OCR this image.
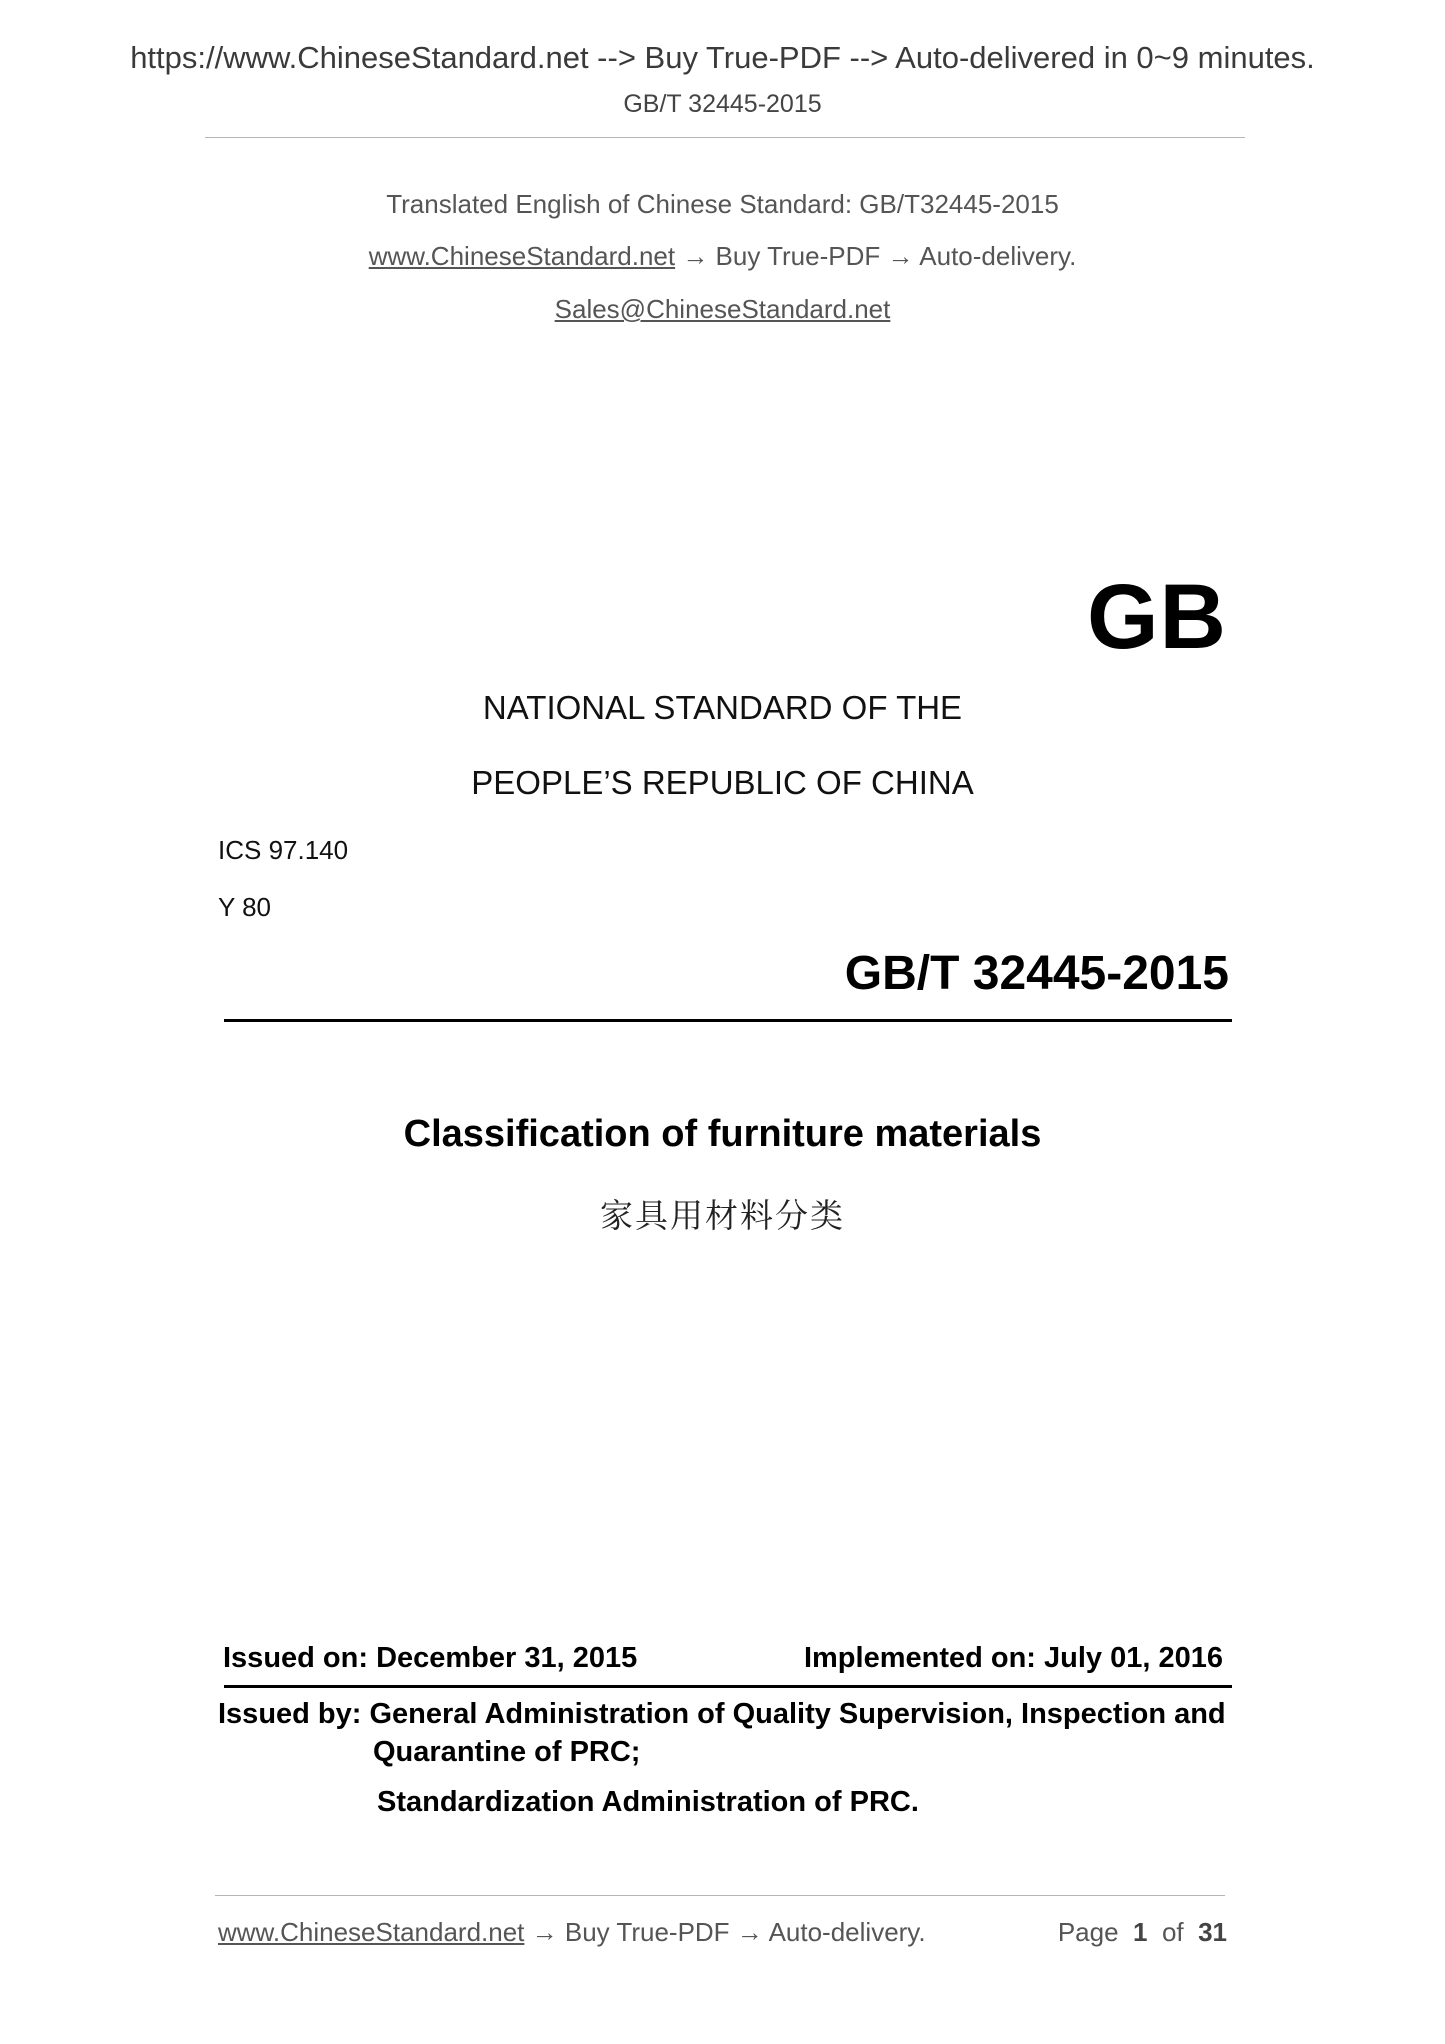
https://www.ChineseStandard.net --> Buy True-PDF --> Auto-delivered in 0~9 minutes.
GB/T 32445-2015
Translated English of Chinese Standard: GB/T32445-2015
www.ChineseStandard.net → Buy True-PDF → Auto-delivery.
Sales@ChineseStandard.net
GB
NATIONAL STANDARD OF THE
PEOPLE’S REPUBLIC OF CHINA
ICS 97.140
Y 80
GB/T 32445-2015
Classification of furniture materials
家具用材料分类
Issued on: December 31, 2015	Implemented on: July 01, 2016
Issued by: General Administration of Quality Supervision, Inspection and
Quarantine of PRC;
Standardization Administration of PRC.
www.ChineseStandard.net → Buy True-PDF → Auto-delivery.	Page 1 of 31
